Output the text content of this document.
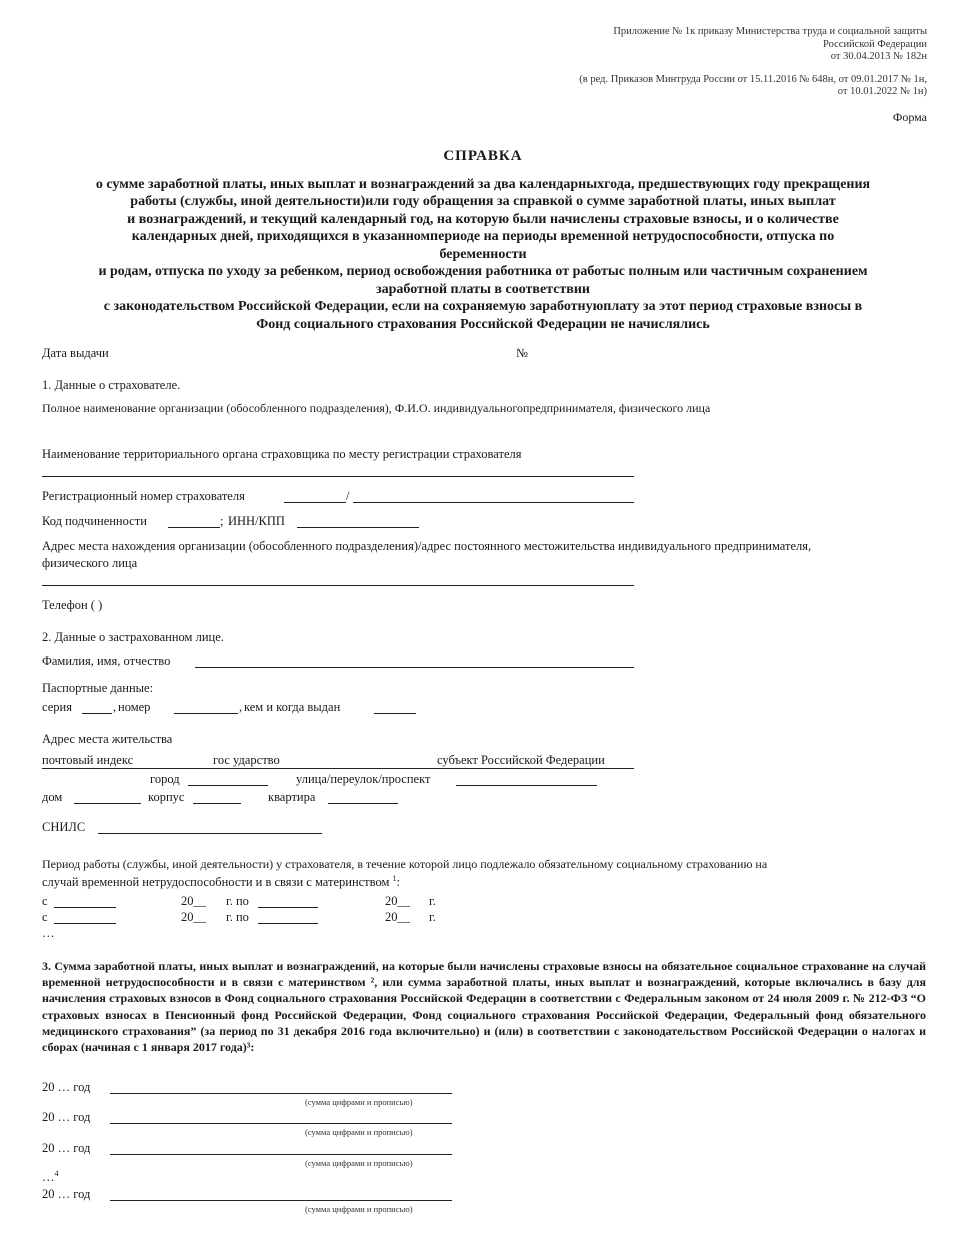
Приложение № 1к приказу Министерства труда и социальной защиты
Российской Федерации
от 30.04.2013 № 182н
(в ред. Приказов Минтруда России от 15.11.2016 № 648н, от 09.01.2017 № 1н,
от 10.01.2022 № 1н)
Форма
СПРАВКА
о сумме заработной платы, иных выплат и вознаграждений за два календарныхгода, предшествующих году прекращения
работы (службы, иной деятельности)или году обращения за справкой о сумме заработной платы, иных выплат
и вознаграждений, и текущий календарный год, на которую были начислены страховые взносы, и о количестве
календарных дней, приходящихся в указанномпериоде на периоды временной нетрудоспособности, отпуска по
беременности
и родам, отпуска по уходу за ребенком, период освобождения работника от работыс полным или частичным сохранением
заработной платы в соответствии
с законодательством Российской Федерации, если на сохраняемую заработнуюплату за этот период страховые взносы в
Фонд социального страхования Российской Федерации не начислялись
Дата выдачи	№
1. Данные о страхователе.
Полное наименование организации (обособленного подразделения), Ф.И.О. индивидуальногопредпринимателя, физического лица
Наименование территориального органа страховщика по месту регистрации страхователя
Регистрационный номер страхователя	/
Код подчиненности	; ИНН/КПП
Адрес места нахождения организации (обособленного подразделения)/адрес постоянного местожительства индивидуального предпринимателя,
физического лица
Телефон ( )
2. Данные о застрахованном лице.
Фамилия, имя, отчество
Паспортные данные:
серия	, номер	, кем и когда выдан
Адрес места жительства
почтовый индекс	гос ударство	субъект Российской Федерации
город	улица/переулок/проспект
дом	корпус	квартира
СНИЛС
Период работы (службы, иной деятельности) у страхователя, в течение которой лицо подлежало обязательному социальному страхованию на
случай временной нетрудоспособности и в связи с материнством $^1$:
с	20__ г. по	20__ г.
с	20__ г. по	20__ г.
…
3. Сумма заработной платы, иных выплат и вознаграждений, на которые были начислены страховые взносы на обязательное социальное страхование на случай временной нетрудоспособности и в связи с материнством ², или сумма заработной платы, иных выплат и вознаграждений, которые включались в базу для начисления страховых взносов в Фонд социального страхования Российской Федерации в соответствии с Федеральным законом от 24 июля 2009 г. № 212-ФЗ “О страховых взносах в Пенсионный фонд Российской Федерации, Фонд социального страхования Российской Федерации, Федеральный фонд обязательного медицинского страхования” (за период по 31 декабря 2016 года включительно) и (или) в соответствии с законодательством Российской Федерации о налогах и сборах (начиная с 1 января 2017 года)³:
20 … год
(сумма цифрами и прописью)
20 … год
(сумма цифрами и прописью)
20 … год
(сумма цифрами и прописью)
…$^4$
20 … год
(сумма цифрами и прописью)
